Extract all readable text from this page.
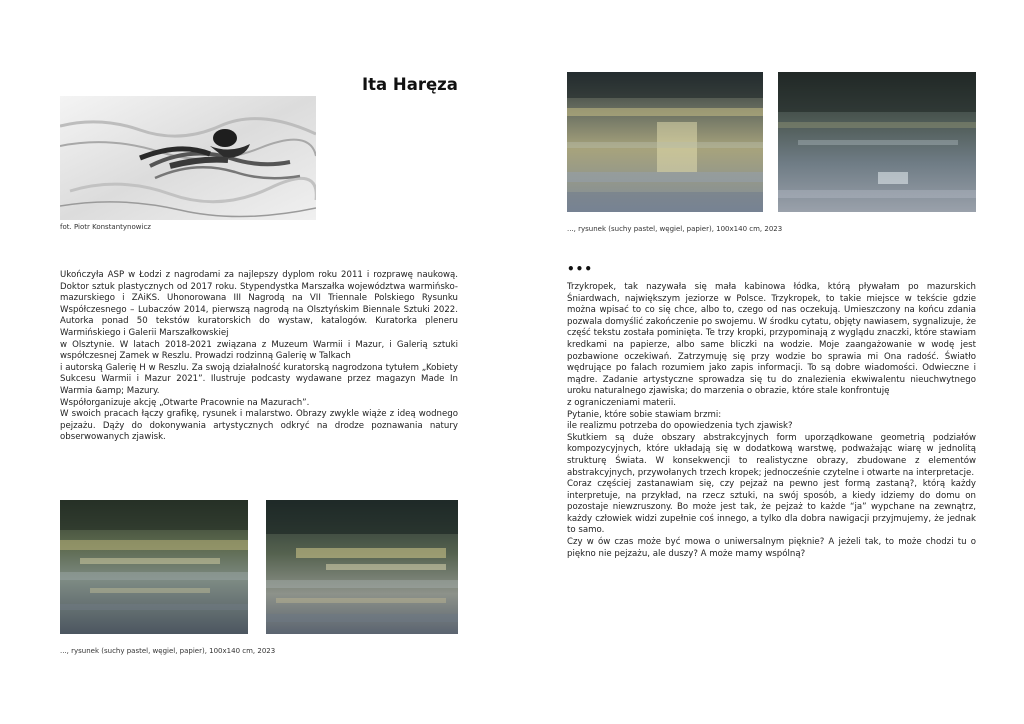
fot. Piotr Konstantynowicz
Ita Haręza

Ukończyła ASP w Łodzi z nagrodami za najlepszy dyplom roku 2011 i rozprawę naukową. Doktor sztuk plastycznych od 2017 roku. Stypendystka Marszałka województwa warmińsko-mazurskiego i ZAiKS. Uhonorowana III Nagrodą na VII Triennale Polskiego Rysunku Współczesnego – Lubaczów 2014, pierwszą nagrodą na Olsztyńskim Biennale Sztuki 2022. Autorka ponad 50 tekstów kuratorskich do wystaw, katalogów. Kuratorka pleneru Warmińskiego i Galerii Marszałkowskiej

w Olsztynie. W latach 2018-2021 związana z Muzeum Warmii i Mazur, i Galerią sztuki współczesnej Zamek w Reszlu. Prowadzi rodzinną Galerię w Talkach

i autorską Galerię H w Reszlu. Za swoją działalność kuratorską nagrodzona tytułem „Kobiety Sukcesu Warmii i Mazur 2021”. Ilustruje podcasty wydawane przez magazyn Made In Warmia &amp; Mazury.

Współorganizuje akcję „Otwarte Pracownie na Mazurach”.

W swoich pracach łączy grafikę, rysunek i malarstwo. Obrazy zwykle wiąże z ideą wodnego pejzażu. Dąży do dokonywania artystycznych odkryć na drodze poznawania natury obserwowanych zjawisk.

..., rysunek (suchy pastel, węgiel, papier), 100x140 cm, 2023
..., rysunek (suchy pastel, węgiel, papier), 100x140 cm, 2023
•••

Trzykropek, tak nazywała się mała kabinowa łódka, którą pływałam po mazurskich Śniardwach, największym jeziorze w Polsce. Trzykropek, to takie miejsce w tekście gdzie można wpisać to co się chce, albo to, czego od nas oczekują. Umieszczony na końcu zdania pozwala domyślić zakończenie po swojemu. W środku cytatu, objęty nawiasem, sygnalizuje, że część tekstu została pominięta. Te trzy kropki, przypominają z wyglądu znaczki, które stawiam kredkami na papierze, albo same bliczki na wodzie. Moje zaangażowanie w wodę jest pozbawione oczekiwań. Zatrzymuję się przy wodzie bo sprawia mi Ona radość. Światło wędrujące po falach rozumiem jako zapis informacji. To są dobre wiadomości. Odwieczne i mądre. Zadanie artystyczne sprowadza się tu do znalezienia ekwiwalentu nieuchwytnego uroku naturalnego zjawiska; do marzenia o obrazie, które stale konfrontuję

z ograniczeniami materii.

Pytanie, które sobie stawiam brzmi:

ile realizmu potrzeba do opowiedzenia tych zjawisk?

Skutkiem są duże obszary abstrakcyjnych form uporządkowane geometrią podziałów kompozycyjnych, które układają się w dodatkową warstwę, podważając wiarę w jednolitą strukturę Świata. W konsekwencji to realistyczne obrazy, zbudowane z elementów abstrakcyjnych, przywołanych trzech kropek; jednocześnie czytelne i otwarte na interpretacje.

Coraz częściej zastanawiam się, czy pejzaż na pewno jest formą zastaną?, którą każdy interpretuje, na przykład, na rzecz sztuki, na swój sposób, a kiedy idziemy do domu on pozostaje niewzruszony. Bo może jest tak, że pejzaż to każde “ja” wypchane na zewnątrz, każdy człowiek widzi zupełnie coś innego, a tylko dla dobra nawigacji przyjmujemy, że jednak to samo.

Czy w ów czas może być mowa o uniwersalnym pięknie? A jeżeli tak, to może chodzi tu o piękno nie pejzażu, ale duszy? A może mamy wspólną?
